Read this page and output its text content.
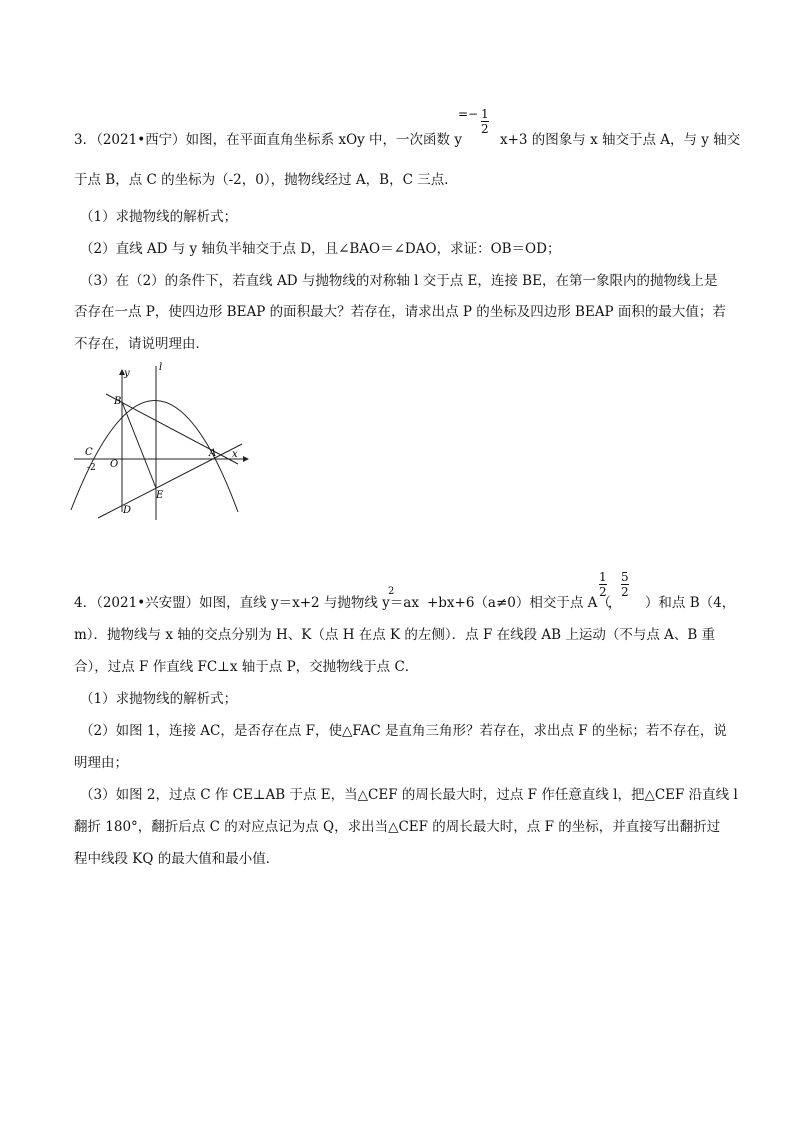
3．（2021•西宁）如图，在平面直角坐标系 xOy 中，一次函数 y	x+3 的图象与 x 轴交于点 A，与 y 轴交
=− $\frac{1}{2}$
于点 B，点 C 的坐标为（-2，0），抛物线经过 A，B，C 三点．
（1）求抛物线的解析式；
（2）直线 AD 与 y 轴负半轴交于点 D，且∠BAO＝∠DAO，求证：OB＝OD；
（3）在（2）的条件下，若直线 AD 与抛物线的对称轴 l 交于点 E，连接 BE，在第一象限内的抛物线上是
否存在一点 P，使四边形 BEAP 的面积最大？若存在，请求出点 P 的坐标及四边形 BEAP 面积的最大值；若
不存在，请说明理由．
y
x
l
B
C
-2 O
A
E
D
4．（2021•兴安盟）如图，直线 y＝x+2 与抛物线 y＝ax +bx+6（a≠0）相交于点 A（	）和点 B（4，
2	$\frac{1}{2}$
，
$\frac{5}{2}$
m）．抛物线与 x 轴的交点分别为 H、K（点 H 在点 K 的左侧）．点 F 在线段 AB 上运动（不与点 A、B 重
合），过点 F 作直线 FC⊥x 轴于点 P，交抛物线于点 C．
（1）求抛物线的解析式；
（2）如图 1，连接 AC，是否存在点 F，使△FAC 是直角三角形？若存在，求出点 F 的坐标；若不存在，说
明理由；
（3）如图 2，过点 C 作 CE⊥AB 于点 E，当△CEF 的周长最大时，过点 F 作任意直线 l，把△CEF 沿直线 l
翻折 180°，翻折后点 C 的对应点记为点 Q，求出当△CEF 的周长最大时，点 F 的坐标，并直接写出翻折过
程中线段 KQ 的最大值和最小值．
